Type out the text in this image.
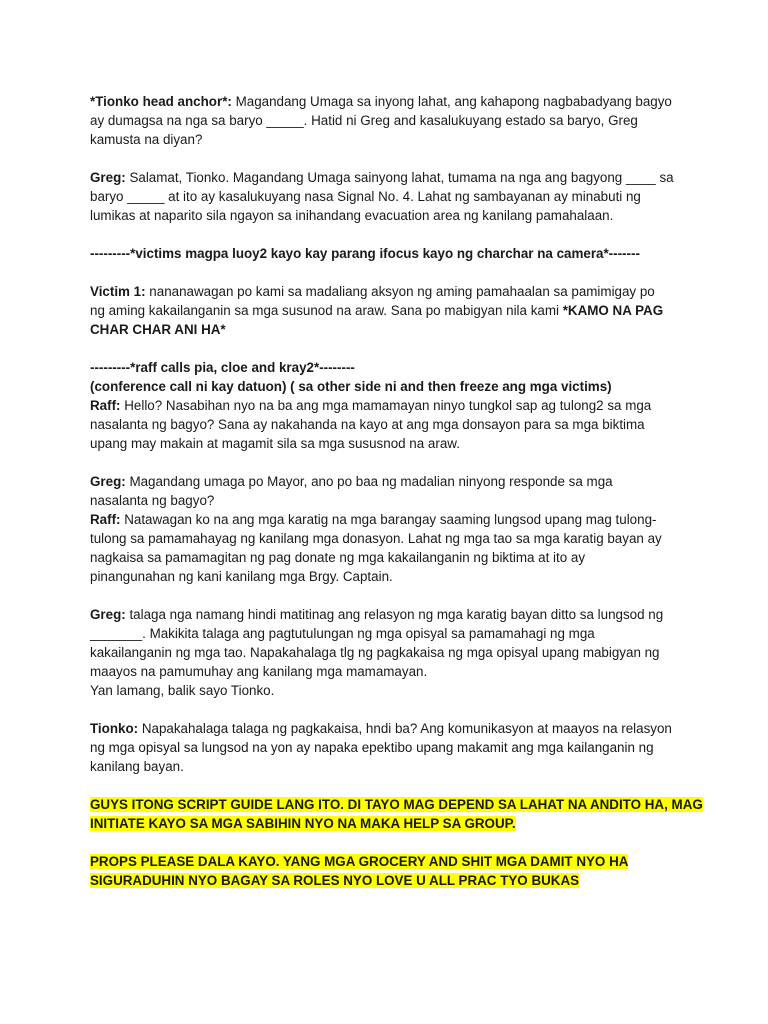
*Tionko head anchor*: Magandang Umaga sa inyong lahat, ang kahapong nagbabadyang bagyo
ay dumagsa na nga sa baryo _____. Hatid ni Greg and kasalukuyang estado sa baryo, Greg
kamusta na diyan?
Greg: Salamat, Tionko. Magandang Umaga sainyong lahat, tumama na nga ang bagyong ____ sa
baryo _____ at ito ay kasalukuyang nasa Signal No. 4. Lahat ng sambayanan ay minabuti ng
lumikas at naparito sila ngayon sa inihandang evacuation area ng kanilang pamahalaan.
---------*victims magpa luoy2 kayo kay parang ifocus kayo ng charchar na camera*-------
Victim 1: nananawagan po kami sa madaliang aksyon ng aming pamahaalan sa pamimigay po
ng aming kakailanganin sa mga susunod na araw. Sana po mabigyan nila kami *KAMO NA PAG
CHAR CHAR ANI HA*
---------*raff calls pia, cloe and kray2*--------
(conference call ni kay datuon) ( sa other side ni and then freeze ang mga victims)
Raff: Hello? Nasabihan nyo na ba ang mga mamamayan ninyo tungkol sap ag tulong2 sa mga
nasalanta ng bagyo? Sana ay nakahanda na kayo at ang mga donsayon para sa mga biktima
upang may makain at magamit sila sa mga sususnod na araw.
Greg: Magandang umaga po Mayor, ano po baa ng madalian ninyong responde sa mga
nasalanta ng bagyo?
Raff: Natawagan ko na ang mga karatig na mga barangay saaming lungsod upang mag tulong-
tulong sa pamamahayag ng kanilang mga donasyon. Lahat ng mga tao sa mga karatig bayan ay
nagkaisa sa pamamagitan ng pag donate ng mga kakailanganin ng biktima at ito ay
pinangunahan ng kani kanilang mga Brgy. Captain.
Greg: talaga nga namang hindi matitinag ang relasyon ng mga karatig bayan ditto sa lungsod ng
_______. Makikita talaga ang pagtutulungan ng mga opisyal sa pamamahagi ng mga
kakailanganin ng mga tao. Napakahalaga tlg ng pagkakaisa ng mga opisyal upang mabigyan ng
maayos na pamumuhay ang kanilang mga mamamayan.
Yan lamang, balik sayo Tionko.
Tionko: Napakahalaga talaga ng pagkakaisa, hndi ba? Ang komunikasyon at maayos na relasyon
ng mga opisyal sa lungsod na yon ay napaka epektibo upang makamit ang mga kailanganin ng
kanilang bayan.
GUYS ITONG SCRIPT GUIDE LANG ITO. DI TAYO MAG DEPEND SA LAHAT NA ANDITO HA, MAG
INITIATE KAYO SA MGA SABIHIN NYO NA MAKA HELP SA GROUP.
PROPS PLEASE DALA KAYO. YANG MGA GROCERY AND SHIT MGA DAMIT NYO HA
SIGURADUHIN NYO BAGAY SA ROLES NYO LOVE U ALL PRAC TYO BUKAS
